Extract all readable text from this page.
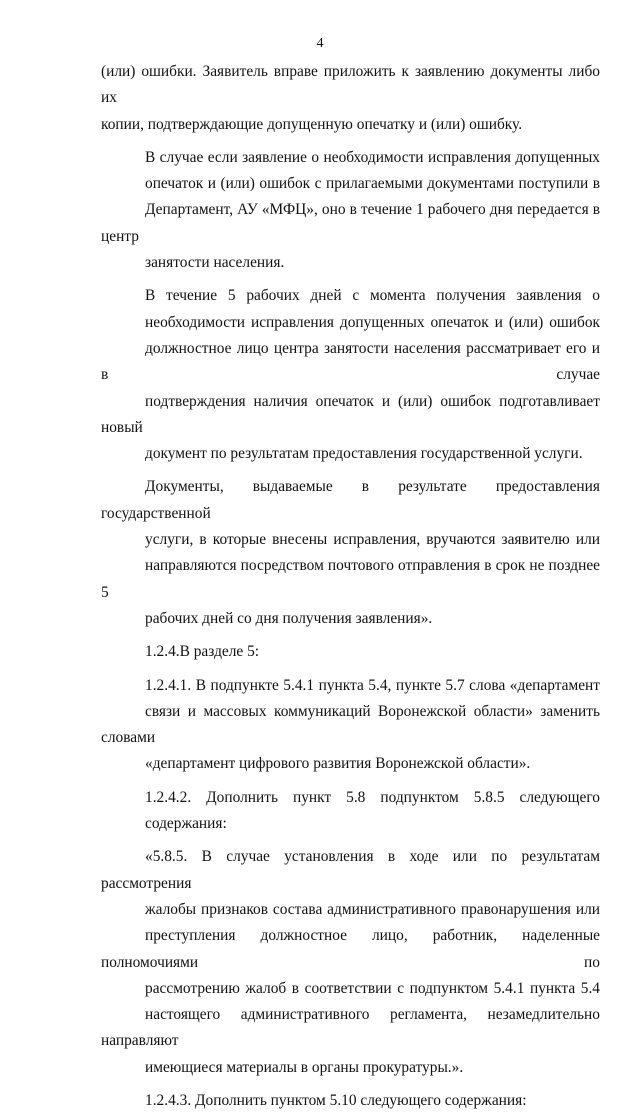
4
(или) ошибки. Заявитель вправе приложить к заявлению документы либо их
копии, подтверждающие допущенную опечатку и (или) ошибку.
В случае если заявление о необходимости исправления допущенных
опечаток и (или) ошибок с прилагаемыми документами поступили в
Департамент, АУ «МФЦ», оно в течение 1 рабочего дня передается в центр
занятости населения.
В течение 5 рабочих дней с момента получения заявления о
необходимости исправления допущенных опечаток и (или) ошибок
должностное лицо центра занятости населения рассматривает его и в случае
подтверждения наличия опечаток и (или) ошибок подготавливает новый
документ по результатам предоставления государственной услуги.
Документы, выдаваемые в результате предоставления государственной
услуги, в которые внесены исправления, вручаются заявителю или
направляются посредством почтового отправления в срок не позднее 5
рабочих дней со дня получения заявления».
1.2.4.В разделе 5:
1.2.4.1. В подпункте 5.4.1 пункта 5.4, пункте 5.7 слова «департамент
связи и массовых коммуникаций Воронежской области» заменить словами
«департамент цифрового развития Воронежской области».
1.2.4.2. Дополнить пункт 5.8 подпунктом 5.8.5 следующего
содержания:
«5.8.5. В случае установления в ходе или по результатам рассмотрения
жалобы признаков состава административного правонарушения или
преступления должностное лицо, работник, наделенные полномочиями по
рассмотрению жалоб в соответствии с подпунктом 5.4.1 пункта 5.4
настоящего административного регламента, незамедлительно направляют
имеющиеся материалы в органы прокуратуры.».
1.2.4.3. Дополнить пунктом 5.10 следующего содержания:
